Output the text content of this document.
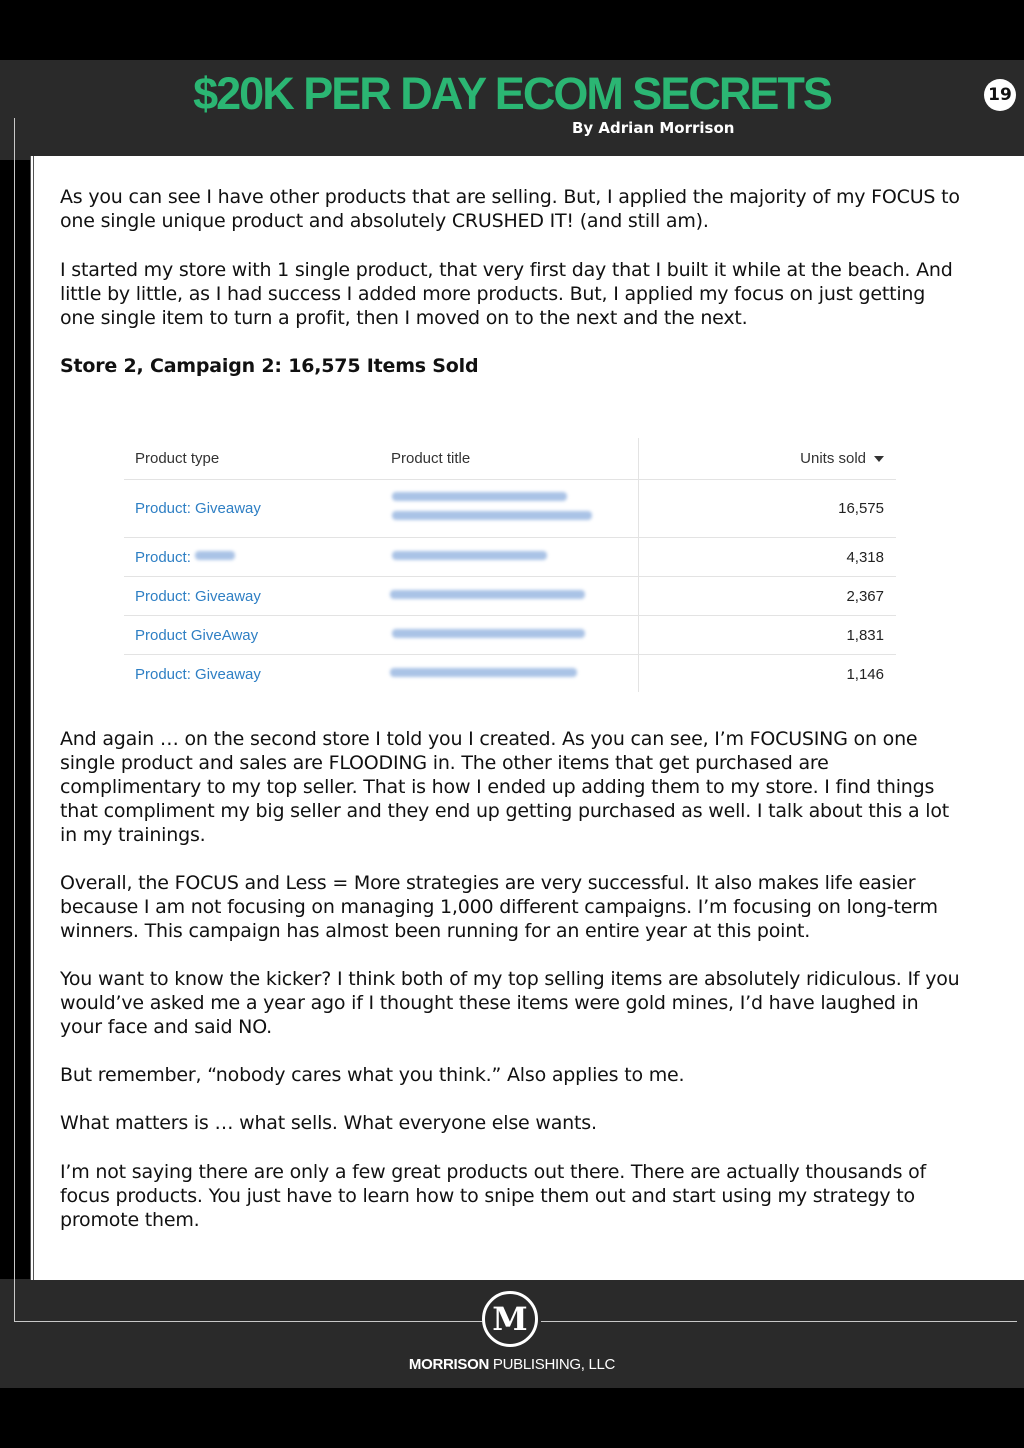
$20K PER DAY ECOM SECRETS
By Adrian Morrison
19

As you can see I have other products that are selling. But, I applied the majority of my FOCUS to one single unique product and absolutely CRUSHED IT! (and still am).

I started my store with 1 single product, that very first day that I built it while at the beach. And little by little, as I had success I added more products. But, I applied my focus on just getting one single item to turn a profit, then I moved on to the next and the next.

Store 2, Campaign 2: 16,575 Items Sold

Product type	Product title	Units sold
Product: Giveaway	16,575
Product:	4,318
Product: Giveaway	2,367
Product GiveAway	1,831
Product: Giveaway	1,146

And again … on the second store I told you I created. As you can see, I’m FOCUSING on one single product and sales are FLOODING in. The other items that get purchased are complimentary to my top seller. That is how I ended up adding them to my store. I find things that compliment my big seller and they end up getting purchased as well. I talk about this a lot in my trainings.

Overall, the FOCUS and Less = More strategies are very successful. It also makes life easier because I am not focusing on managing 1,000 different campaigns. I’m focusing on long-term winners. This campaign has almost been running for an entire year at this point.

You want to know the kicker? I think both of my top selling items are absolutely ridiculous. If you would’ve asked me a year ago if I thought these items were gold mines, I’d have laughed in your face and said NO.

But remember, “nobody cares what you think.” Also applies to me.

What matters is … what sells. What everyone else wants.

I’m not saying there are only a few great products out there. There are actually thousands of focus products. You just have to learn how to snipe them out and start using my strategy to promote them.

M
MORRISON PUBLISHING, LLC
